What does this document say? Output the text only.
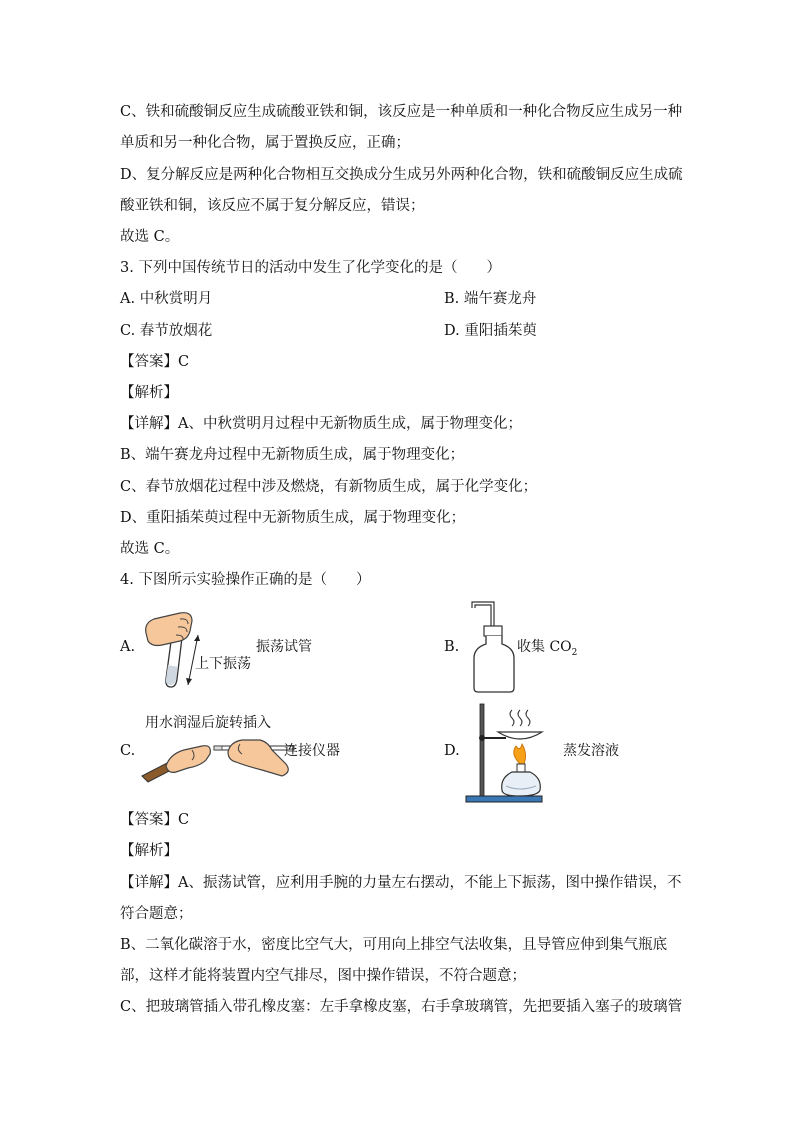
C、铁和硫酸铜反应生成硫酸亚铁和铜，该反应是一种单质和一种化合物反应生成另一种
单质和另一种化合物，属于置换反应，正确；
D、复分解反应是两种化合物相互交换成分生成另外两种化合物，铁和硫酸铜反应生成硫
酸亚铁和铜，该反应不属于复分解反应，错误；
故选 C。
3. 下列中国传统节日的活动中发生了化学变化的是（　　）
A. 中秋赏明月	B. 端午赛龙舟
C. 春节放烟花	D. 重阳插茱萸
【答案】C
【解析】
【详解】A、中秋赏明月过程中无新物质生成，属于物理变化；
B、端午赛龙舟过程中无新物质生成，属于物理变化；
C、春节放烟花过程中涉及燃烧，有新物质生成，属于化学变化；
D、重阳插茱萸过程中无新物质生成，属于物理变化；
故选 C。
4. 下图所示实验操作正确的是（　　）
A.
上下振荡
振荡试管	B.	收集 $CO_2$
用水润湿后旋转插入
C.	连接仪器	D.	蒸发溶液
【答案】C
【解析】
【详解】A、振荡试管，应利用手腕的力量左右摆动，不能上下振荡，图中操作错误，不
符合题意；
B、二氧化碳溶于水，密度比空气大，可用向上排空气法收集，且导管应伸到集气瓶底
部，这样才能将装置内空气排尽，图中操作错误，不符合题意；
C、把玻璃管插入带孔橡皮塞：左手拿橡皮塞，右手拿玻璃管，先把要插入塞子的玻璃管
